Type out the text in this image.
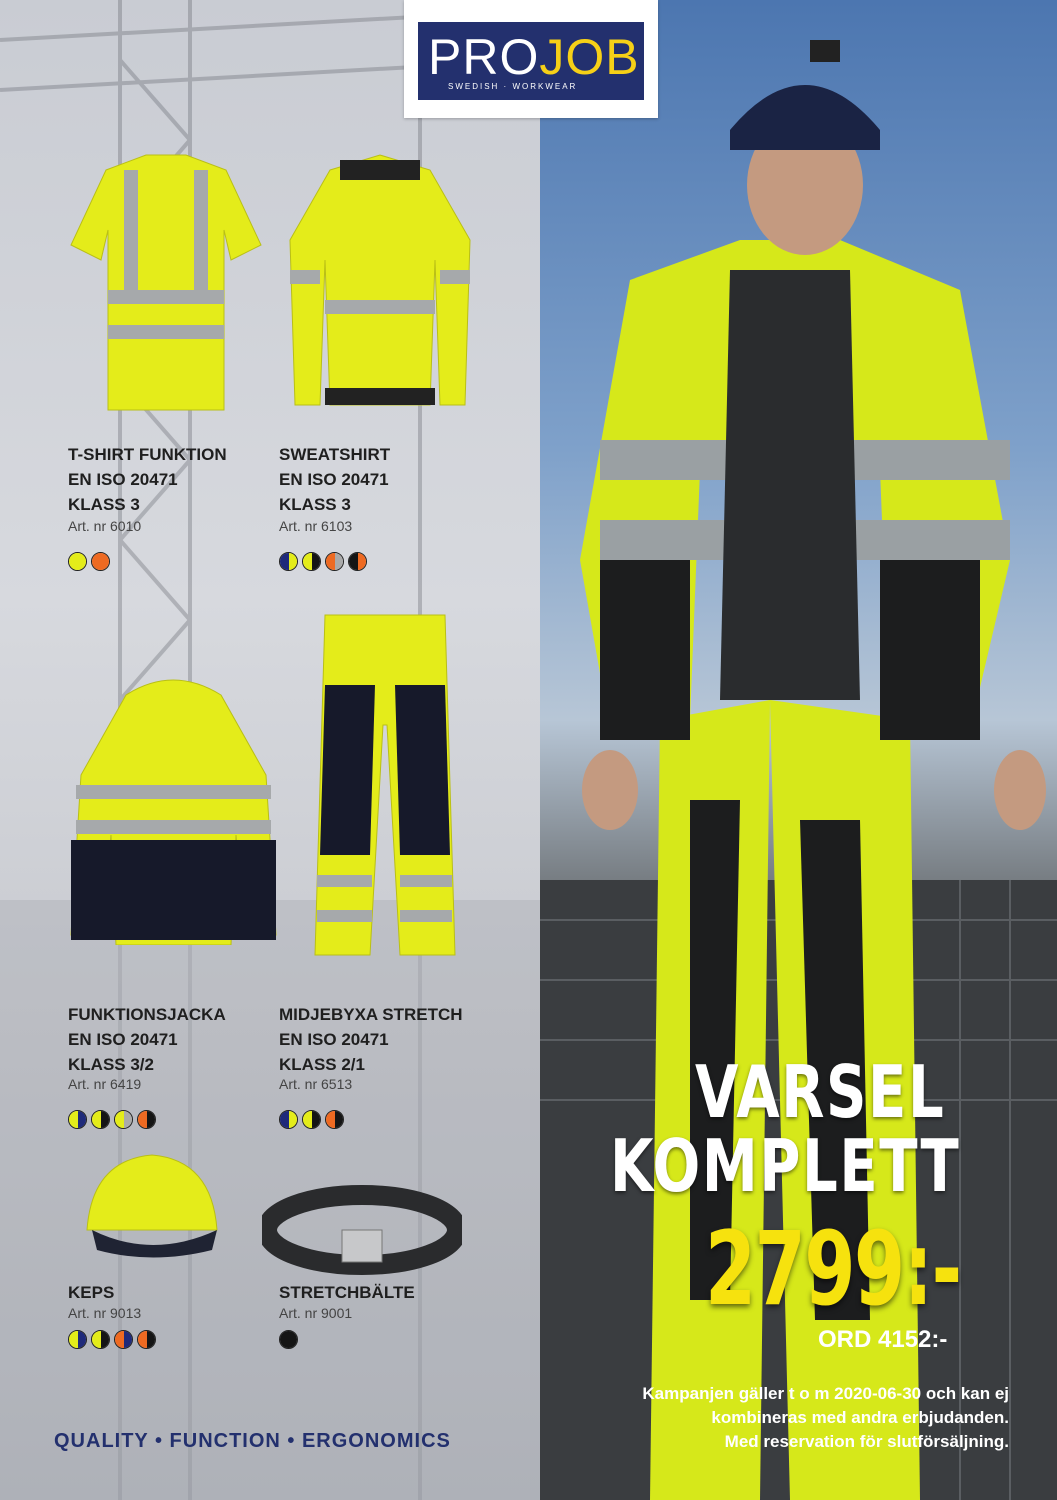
PROJOB
SWEDISH · WORKWEAR
T-SHIRT FUNKTION
EN ISO 20471
KLASS 3
Art. nr 6010
SWEATSHIRT
EN ISO 20471
KLASS 3
Art. nr 6103
FUNKTIONSJACKA
EN ISO 20471
KLASS 3/2
Art. nr 6419
MIDJEBYXA STRETCH
EN ISO 20471
KLASS 2/1
Art. nr 6513
KEPS
Art. nr 9013
STRETCHBÄLTE
Art. nr 9001
QUALITY • FUNCTION • ERGONOMICS
VARSEL
KOMPLETT
2799:-
ORD 4152:-
Kampanjen gäller t o m 2020-06-30 och kan ej
kombineras med andra erbjudanden.
Med reservation för slutförsäljning.
